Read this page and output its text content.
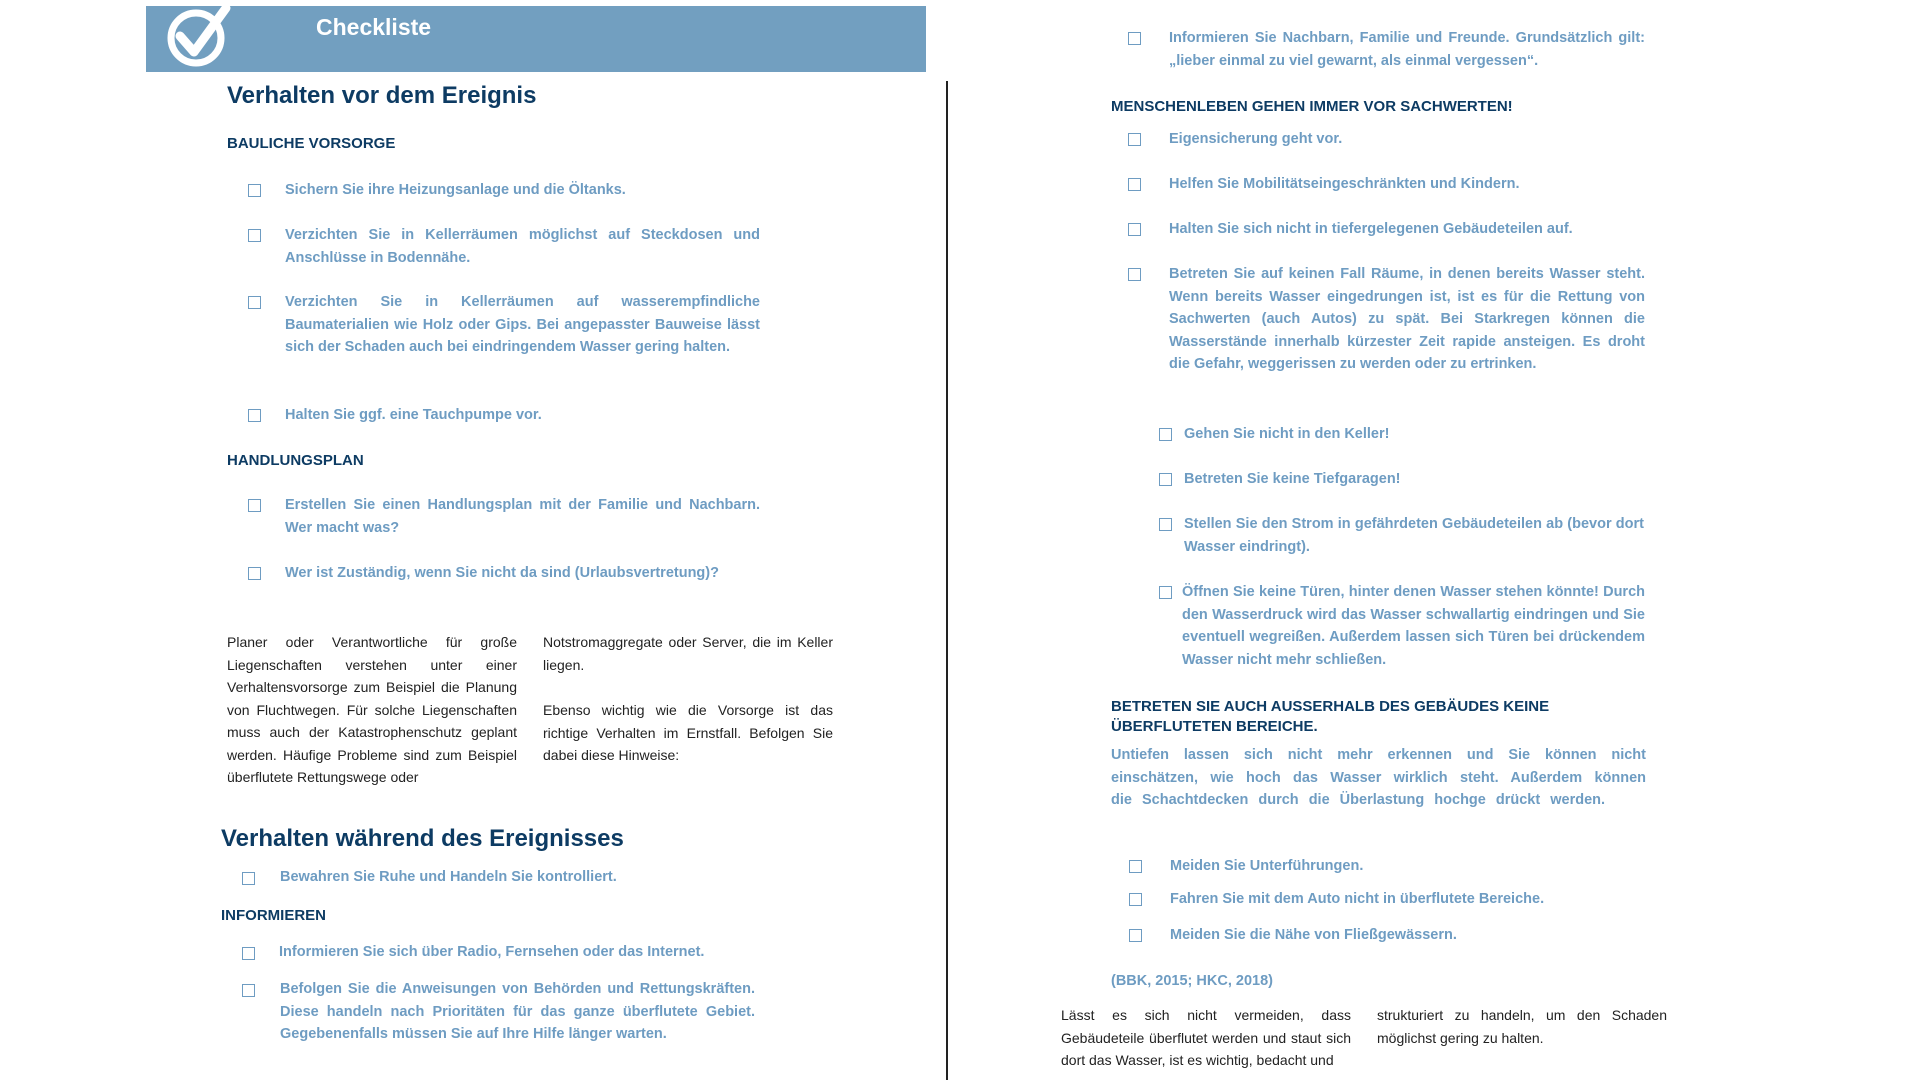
Checkliste
Verhalten vor dem Ereignis
BAULICHE VORSORGE
Sichern Sie ihre Heizungsanlage und die Öltanks.
Verzichten Sie in Kellerräumen möglichst auf Steckdosen und Anschlüsse in Bodennähe.
Verzichten Sie in Kellerräumen auf wasserempfindliche Baumaterialien wie Holz oder Gips. Bei angepasster Bauweise lässt sich der Schaden auch bei eindringendem Wasser gering halten.
Halten Sie ggf. eine Tauchpumpe vor.
HANDLUNGSPLAN
Erstellen Sie einen Handlungsplan mit der Familie und Nachbarn. Wer macht was?
Wer ist Zuständig, wenn Sie nicht da sind (Urlaubsvertretung)?
Planer oder Verantwortliche für große Liegenschaften verstehen unter einer Verhaltensvorsorge zum Beispiel die Planung von Fluchtwegen. Für solche Liegenschaften muss auch der Katastrophenschutz geplant werden. Häufige Probleme sind zum Beispiel überflutete Rettungswege oder
Notstromaggregate oder Server, die im Keller liegen.
Ebenso wichtig wie die Vorsorge ist das richtige Verhalten im Ernstfall. Befolgen Sie dabei diese Hinweise:
Verhalten während des Ereignisses
Bewahren Sie Ruhe und Handeln Sie kontrolliert.
INFORMIEREN
Informieren Sie sich über Radio, Fernsehen oder das Internet.
Befolgen Sie die Anweisungen von Behörden und Rettungskräften. Diese handeln nach Prioritäten für das ganze überflutete Gebiet. Gegebenenfalls müssen Sie auf Ihre Hilfe länger warten.
Informieren Sie Nachbarn, Familie und Freunde. Grundsätzlich gilt: „lieber einmal zu viel gewarnt, als einmal vergessen“.
MENSCHENLEBEN GEHEN IMMER VOR SACHWERTEN!
Eigensicherung geht vor.
Helfen Sie Mobilitätseingeschränkten und Kindern.
Halten Sie sich nicht in tiefergelegenen Gebäudeteilen auf.
Betreten Sie auf keinen Fall Räume, in denen bereits Wasser steht. Wenn bereits Wasser eingedrungen ist, ist es für die Rettung von Sachwerten (auch Autos) zu spät. Bei Starkregen können die Wasserstände innerhalb kürzester Zeit rapide ansteigen. Es droht die Gefahr, weggerissen zu werden oder zu ertrinken.
Gehen Sie nicht in den Keller!
Betreten Sie keine Tiefgaragen!
Stellen Sie den Strom in gefährdeten Gebäudeteilen ab (bevor dort Wasser eindringt).
Öffnen Sie keine Türen, hinter denen Wasser stehen könnte! Durch den Wasserdruck wird das Wasser schwallartig eindringen und Sie eventuell wegreißen. Außerdem lassen sich Türen bei drückendem Wasser nicht mehr schließen.
BETRETEN SIE AUCH AUSSERHALB DES GEBÄUDES KEINE ÜBERFLUTETEN BEREICHE.
Untiefen lassen sich nicht mehr erkennen und Sie können nicht einschätzen, wie hoch das Wasser wirklich steht. Außerdem können die Schachtdecken durch die Überlastung hochge drückt werden.
Meiden Sie Unterführungen.
Fahren Sie mit dem Auto nicht in überflutete Bereiche.
Meiden Sie die Nähe von Fließgewässern.
(BBK, 2015; HKC, 2018)
Lässt es sich nicht vermeiden, dass Gebäudeteile überflutet werden und staut sich dort das Wasser, ist es wichtig, bedacht und
strukturiert zu handeln, um den Schaden möglichst gering zu halten.
